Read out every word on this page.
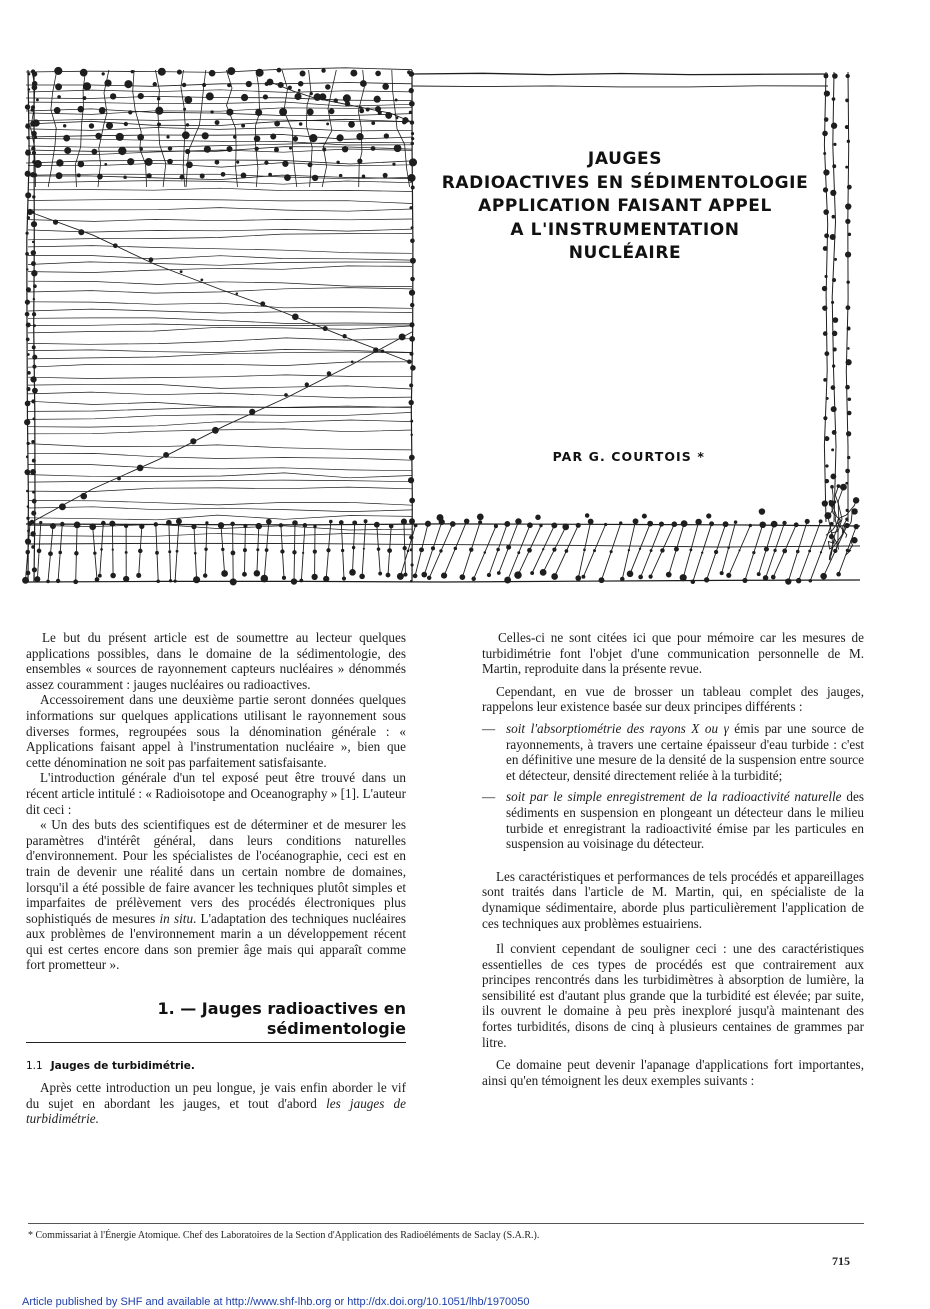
JAUGES
RADIOACTIVES EN SÉDIMENTOLOGIE
APPLICATION FAISANT APPEL
A L'INSTRUMENTATION
NUCLÉAIRE
PAR G. COURTOIS *

Le but du présent article est de soumettre au lecteur quelques applications possibles, dans le domaine de la sédimentologie, des ensembles « sources de rayonnement capteurs nucléaires » dénommés assez couramment : jauges nucléaires ou radioactives.

Accessoirement dans une deuxième partie seront données quelques informations sur quelques applications utilisant le rayonnement sous diverses formes, regroupées sous la dénomination générale : « Applications faisant appel à l'instrumentation nucléaire », bien que cette dénomination ne soit pas parfaitement satisfaisante.

L'introduction générale d'un tel exposé peut être trouvé dans un récent article intitulé : « Radioisotope and Oceanography » [1]. L'auteur dit ceci :

« Un des buts des scientifiques est de déterminer et de mesurer les paramètres d'intérêt général, dans leurs conditions naturelles d'environnement. Pour les spécialistes de l'océanographie, ceci est en train de devenir une réalité dans un certain nombre de domaines, lorsqu'il a été possible de faire avancer les techniques plutôt simples et imparfaites de prélèvement vers des procédés électroniques plus sophistiqués de mesures in situ. L'adaptation des techniques nucléaires aux problèmes de l'environnement marin a un développement récent qui est certes encore dans son premier âge mais qui apparaît comme fort prometteur ».

1. — Jauges radioactives en
sédimentologie
1.1 Jauges de turbidimétrie.

Après cette introduction un peu longue, je vais enfin aborder le vif du sujet en abordant les jauges, et tout d'abord les jauges de turbidimétrie.

Celles-ci ne sont citées ici que pour mémoire car les mesures de turbidimétrie font l'objet d'une communication personnelle de M. Martin, reproduite dans la présente revue.

Cependant, en vue de brosser un tableau complet des jauges, rappelons leur existence basée sur deux principes différents :

— soit l'absorptiométrie des rayons X ou γ émis par une source de rayonnements, à travers une certaine épaisseur d'eau turbide : c'est en définitive une mesure de la densité de la suspension entre source et détecteur, densité directement reliée à la turbidité;
— soit par le simple enregistrement de la radioactivité naturelle des sédiments en suspension en plongeant un détecteur dans le milieu turbide et enregistrant la radioactivité émise par les particules en suspension au voisinage du détecteur.

Les caractéristiques et performances de tels procédés et appareillages sont traités dans l'article de M. Martin, qui, en spécialiste de la dynamique sédimentaire, aborde plus particulièrement l'application de ces techniques aux problèmes estuairiens.

Il convient cependant de souligner ceci : une des caractéristiques essentielles de ces types de procédés est que contrairement aux principes rencontrés dans les turbidimètres à absorption de lumière, la sensibilité est d'autant plus grande que la turbidité est élevée; par suite, ils ouvrent le domaine à peu près inexploré jusqu'à maintenant des fortes turbidités, disons de cinq à plusieurs centaines de grammes par litre.

Ce domaine peut devenir l'apanage d'applications fort importantes, ainsi qu'en témoignent les deux exemples suivants :

* Commissariat à l'Énergie Atomique. Chef des Laboratoires de la Section d'Application des Radioéléments de Saclay (S.A.R.).
715
Article published by SHF and available at http://www.shf-lhb.org or http://dx.doi.org/10.1051/lhb/1970050
